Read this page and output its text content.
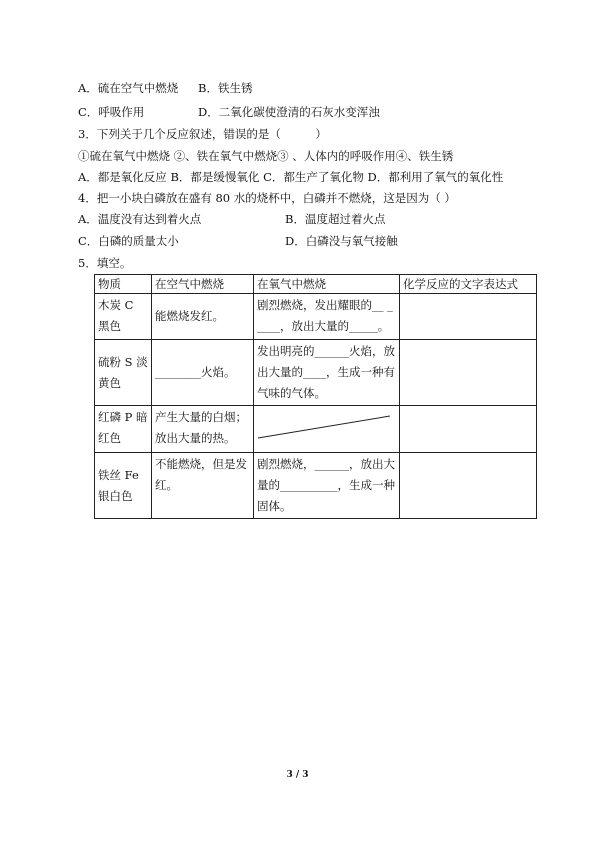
A．硫在空气中燃烧 B．铁生锈
C．呼吸作用	D．二氧化碳使澄清的石灰水变浑浊
3．下列关于几个反应叙述，错误的是（　　　）
①硫在氧气中燃烧 ②、铁在氧气中燃烧③ 、人体内的呼吸作用④、铁生锈
A．都是氧化反应 B．都是缓慢氧化 C．都生产了氧化物 D．都利用了氧气的氧化性
4．把一小块白磷放在盛有 80 水的烧杯中，白磷并不燃烧，这是因为（ ）
A．温度没有达到着火点	B．温度超过着火点
C．白磷的质量太小	D．白磷没与氧气接触
5．填空。
物质	在空气中燃烧	在氧气中燃烧	化学反应的文字表达式
木炭 C 黑色	能燃烧发红。	剧烈燃烧，发出耀眼的__ _____，放出大量的_____。	
硫粉 S 淡黄色	________火焰。	发出明亮的______火焰，放出大量的____，生成一种有气味的气体。	
红磷 P 暗红色	产生大量的白烟；放出大量的热。	

铁丝 Fe 银白色	不能燃烧，但是发红。	剧烈燃烧，______，放出大量的__________，生成一种固体。	
3 / 3
